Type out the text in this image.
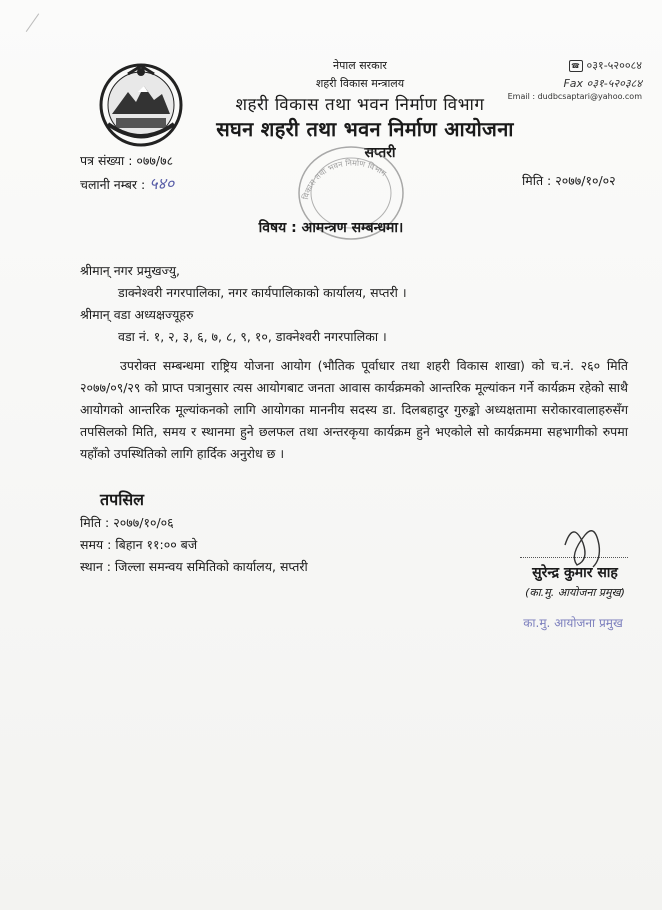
नेपाल सरकार
शहरी विकास मन्त्रालय
शहरी विकास तथा भवन निर्माण विभाग
सघन शहरी तथा भवन निर्माण आयोजना
सप्तरी
☎ ०३१-५२००८४
Fax ०३१-५२०३८४
Email : dudbcsaptari@yahoo.com
पत्र संख्या : ०७७/७८
चलानी नम्बर : ५४०	मिति : २०७७/१०/०२
विकास तथा भवन निर्माण विभाग
विषय : आमन्त्रण सम्बन्धमा।
श्रीमान् नगर प्रमुखज्यु,
डाक्नेश्वरी नगरपालिका, नगर कार्यपालिकाको कार्यालय, सप्तरी ।
श्रीमान् वडा अध्यक्षज्यूहरु
वडा नं. १, २, ३, ६, ७, ८, ९, १०, डाक्नेश्वरी नगरपालिका ।
उपरोक्त सम्बन्धमा राष्ट्रिय योजना आयोग (भौतिक पूर्वाधार तथा शहरी विकास शाखा) को च.नं. २६० मिति २०७७/०९/२९ को प्राप्त पत्रानुसार त्यस आयोगबाट जनता आवास कार्यक्रमको आन्तरिक मूल्यांकन गर्ने कार्यक्रम रहेको साथै आयोगको आन्तरिक मूल्यांकनको लागि आयोगका माननीय सदस्य डा. दिलबहादुर गुरुङ्को अध्यक्षतामा सरोकारवालाहरुसँग तपसिलको मिति, समय र स्थानमा हुने छलफल तथा अन्तरकृया कार्यक्रम हुने भएकोले सो कार्यक्रममा सहभागीको रुपमा यहाँको उपस्थितिको लागि हार्दिक अनुरोध छ ।
तपसिल
मिति : २०७७/१०/०६
समय : बिहान ११:०० बजे
स्थान : जिल्ला समन्वय समितिको कार्यालय, सप्तरी	सुरेन्द्र कुमार साह
(का.मु. आयोजना प्रमुख)
का.मु. आयोजना प्रमुख
